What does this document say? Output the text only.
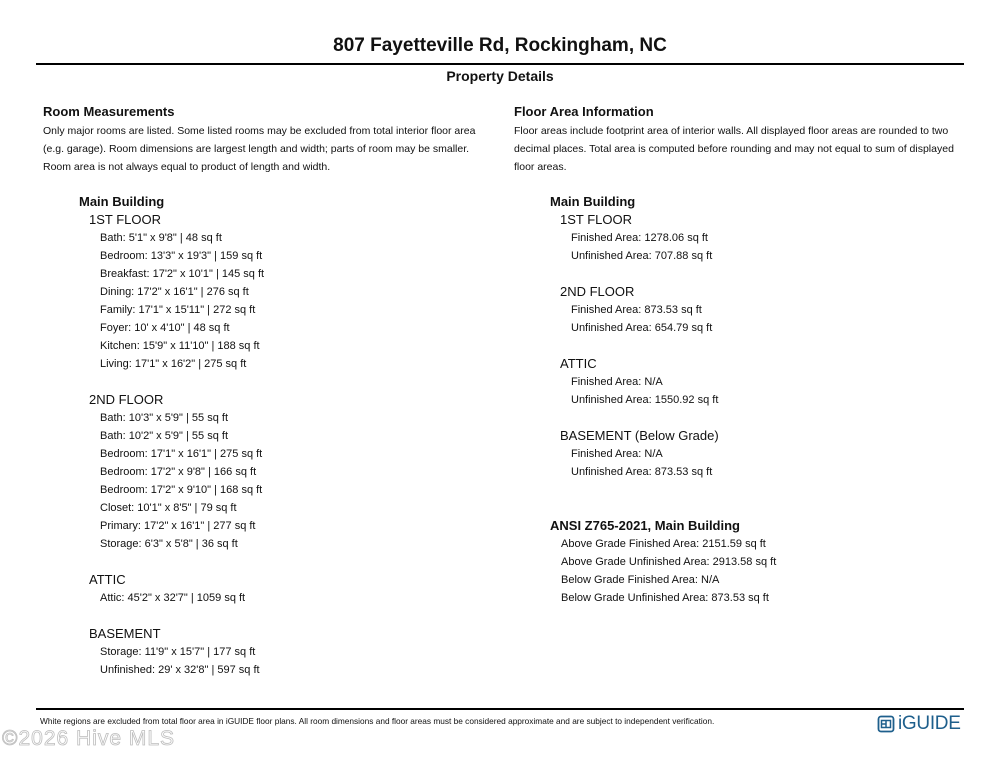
807 Fayetteville Rd, Rockingham, NC
Property Details
Room Measurements
Only major rooms are listed. Some listed rooms may be excluded from total interior floor area
(e.g. garage). Room dimensions are largest length and width; parts of room may be smaller.
Room area is not always equal to product of length and width.
Main Building
1ST FLOOR
Bath: 5'1" x 9'8" | 48 sq ft
Bedroom: 13'3" x 19'3" | 159 sq ft
Breakfast: 17'2" x 10'1" | 145 sq ft
Dining: 17'2" x 16'1" | 276 sq ft
Family: 17'1" x 15'11" | 272 sq ft
Foyer: 10' x 4'10" | 48 sq ft
Kitchen: 15'9" x 11'10" | 188 sq ft
Living: 17'1" x 16'2" | 275 sq ft
2ND FLOOR
Bath: 10'3" x 5'9" | 55 sq ft
Bath: 10'2" x 5'9" | 55 sq ft
Bedroom: 17'1" x 16'1" | 275 sq ft
Bedroom: 17'2" x 9'8" | 166 sq ft
Bedroom: 17'2" x 9'10" | 168 sq ft
Closet: 10'1" x 8'5" | 79 sq ft
Primary: 17'2" x 16'1" | 277 sq ft
Storage: 6'3" x 5'8" | 36 sq ft
ATTIC
Attic: 45'2" x 32'7" | 1059 sq ft
BASEMENT
Storage: 11'9" x 15'7" | 177 sq ft
Unfinished: 29' x 32'8" | 597 sq ft
Floor Area Information
Floor areas include footprint area of interior walls. All displayed floor areas are rounded to two
decimal places. Total area is computed before rounding and may not equal to sum of displayed
floor areas.
Main Building
1ST FLOOR
Finished Area: 1278.06 sq ft
Unfinished Area: 707.88 sq ft
2ND FLOOR
Finished Area: 873.53 sq ft
Unfinished Area: 654.79 sq ft
ATTIC
Finished Area: N/A
Unfinished Area: 1550.92 sq ft
BASEMENT (Below Grade)
Finished Area: N/A
Unfinished Area: 873.53 sq ft
ANSI Z765-2021, Main Building
Above Grade Finished Area: 2151.59 sq ft
Above Grade Unfinished Area: 2913.58 sq ft
Below Grade Finished Area: N/A
Below Grade Unfinished Area: 873.53 sq ft
White regions are excluded from total floor area in iGUIDE floor plans. All room dimensions and floor areas must be considered approximate and are subject to independent verification.	iGUIDE
©2026 Hive MLS
